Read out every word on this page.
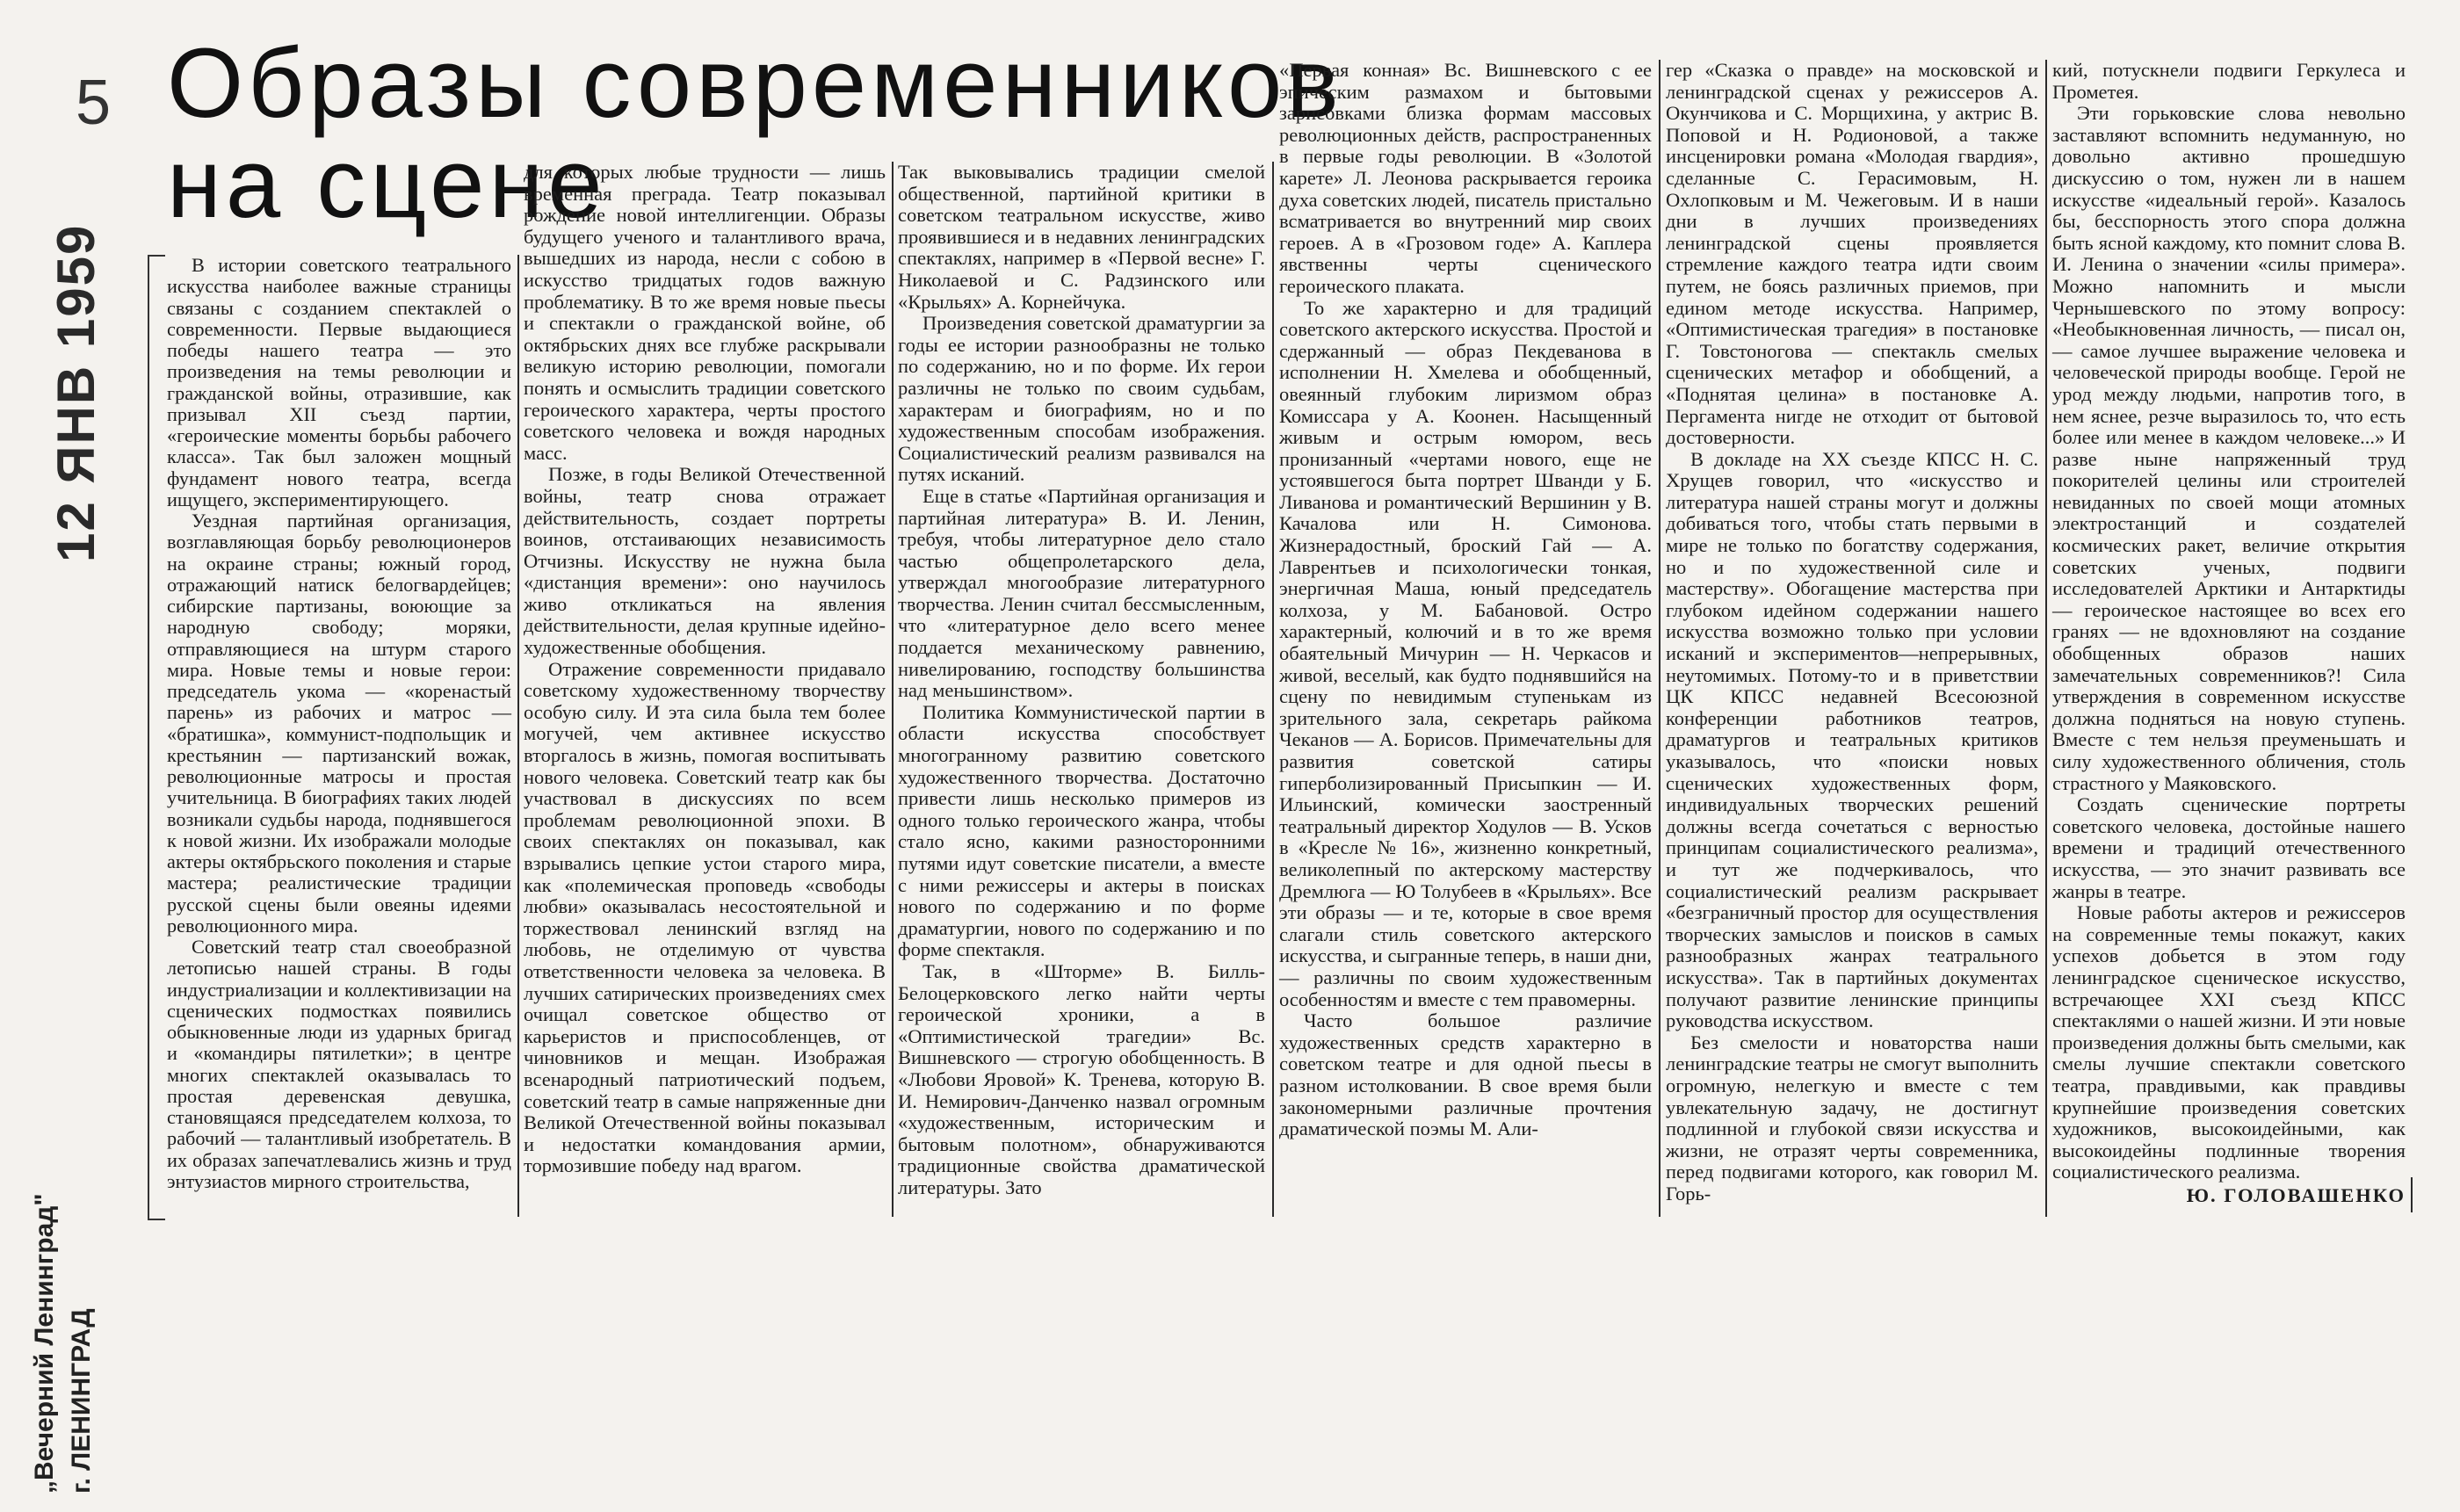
5 Образы современников
на сцене
12 ЯНВ 1959
„Вечерний Ленинград" г. ЛЕНИНГРАД

В истории советского театрального искусства наиболее важные страницы связаны с созданием спектаклей о современности. Первые выдающиеся победы нашего театра — это произведения на темы революции и гражданской войны, отразившие, как призывал XII съезд партии, «героические моменты борьбы рабочего класса». Так был заложен мощный фундамент нового театра, всегда ищущего, экспериментирующего.

Уездная партийная организация, возглавляющая борьбу революционеров на окраине страны; южный город, отражающий натиск белогвардейцев; сибирские партизаны, воюющие за народную свободу; моряки, отправляющиеся на штурм старого мира. Новые темы и новые герои: председатель укома — «коренастый парень» из рабочих и матрос — «братишка», коммунист-подпольщик и крестьянин — партизанский вожак, революционные матросы и простая учительница. В биографиях таких людей возникали судьбы народа, поднявшегося к новой жизни. Их изображали молодые актеры октябрьского поколения и старые мастера; реалистические традиции русской сцены были овеяны идеями революционного мира.

Советский театр стал своеобразной летописью нашей страны. В годы индустриализации и коллективизации на сценических подмостках появились обыкновенные люди из ударных бригад и «командиры пятилетки»; в центре многих спектаклей оказывалась то простая деревенская девушка, становящаяся председателем колхоза, то рабочий — талантливый изобретатель. В их образах запечатлевались жизнь и труд энтузиастов мирного строительства,

для которых любые трудности — лишь временная преграда. Театр показывал рождение новой интеллигенции. Образы будущего ученого и талантливого врача, вышедших из народа, несли с собою в искусство тридцатых годов важную проблематику. В то же время новые пьесы и спектакли о гражданской войне, об октябрьских днях все глубже раскрывали великую историю революции, помогали понять и осмыслить традиции советского героического характера, черты простого советского человека и вождя народных масс.

Позже, в годы Великой Отечественной войны, театр снова отражает действительность, создает портреты воинов, отстаивающих независимость Отчизны. Искусству не нужна была «дистанция времени»: оно научилось живо откликаться на явления действительности, делая крупные идейно-художественные обобщения.

Отражение современности придавало советскому художественному творчеству особую силу. И эта сила была тем более могучей, чем активнее искусство вторгалось в жизнь, помогая воспитывать нового человека. Советский театр как бы участвовал в дискуссиях по всем проблемам революционной эпохи. В своих спектаклях он показывал, как взрывались цепкие устои старого мира, как «полемическая проповедь «свободы любви» оказывалась несостоятельной и торжествовал ленинский взгляд на любовь, не отделимую от чувства ответственности человека за человека. В лучших сатирических произведениях смех очищал советское общество от карьеристов и приспособленцев, от чиновников и мещан. Изображая всенародный патриотический подъем, советский театр в самые напряженные дни Великой Отечественной войны показывал и недостатки командования армии, тормозившие победу над врагом.

Так выковывались традиции смелой общественной, партийной критики в советском театральном искусстве, живо проявившиеся и в недавних ленинградских спектаклях, например в «Первой весне» Г. Николаевой и С. Радзинского или «Крыльях» А. Корнейчука.

Произведения советской драматургии за годы ее истории разнообразны не только по содержанию, но и по форме. Их герои различны не только по своим судьбам, характерам и биографиям, но и по художественным способам изображения. Социалистический реализм развивался на путях исканий.

Еще в статье «Партийная организация и партийная литература» В. И. Ленин, требуя, чтобы литературное дело стало частью общепролетарского дела, утверждал многообразие литературного творчества. Ленин считал бессмысленным, что «литературное дело всего менее поддается механическому равнению, нивелированию, господству большинства над меньшинством».

Политика Коммунистической партии в области искусства способствует многогранному развитию советского художественного творчества. Достаточно привести лишь несколько примеров из одного только героического жанра, чтобы стало ясно, какими разносторонними путями идут советские писатели, а вместе с ними режиссеры и актеры в поисках нового по содержанию и по форме драматургии, нового по содержанию и по форме спектакля.

Так, в «Шторме» В. Билль-Белоцерковского легко найти черты героической хроники, а в «Оптимистической трагедии» Вс. Вишневского — строгую обобщенность. В «Любови Яровой» К. Тренева, которую В. И. Немирович-Данченко назвал огромным «художественным, историческим и бытовым полотном», обнаруживаются традиционные свойства драматической литературы. Зато

«Первая конная» Вс. Вишневского с ее эпическим размахом и бытовыми зарисовками близка формам массовых революционных действ, распространенных в первые годы революции. В «Золотой карете» Л. Леонова раскрывается героика духа советских людей, писатель пристально всматривается во внутренний мир своих героев. А в «Грозовом годе» А. Каплера явственны черты сценического героического плаката.

То же характерно и для традиций советского актерского искусства. Простой и сдержанный — образ Пекдеванова в исполнении Н. Хмелева и обобщенный, овеянный глубоким лиризмом образ Комиссара у А. Коонен. Насыщенный живым и острым юмором, весь пронизанный «чертами нового, еще не устоявшегося быта портрет Шванди у Б. Ливанова и романтический Вершинин у В. Качалова или Н. Симонова. Жизнерадостный, броский Гай — А. Лаврентьев и психологически тонкая, энергичная Маша, юный председатель колхоза, у М. Бабановой. Остро характерный, колючий и в то же время обаятельный Мичурин — Н. Черкасов и живой, веселый, как будто поднявшийся на сцену по невидимым ступенькам из зрительного зала, секретарь райкома Чеканов — А. Борисов. Примечательны для развития советской сатиры гиперболизированный Присыпкин — И. Ильинский, комически заостренный театральный директор Ходулов — В. Усков в «Кресле № 16», жизненно конкретный, великолепный по актерскому мастерству Дремлюга — Ю Толубеев в «Крыльях». Все эти образы — и те, которые в свое время слагали стиль советского актерского искусства, и сыгранные теперь, в наши дни, — различны по своим художественным особенностям и вместе с тем правомерны.

Часто большое различие художественных средств характерно в советском театре и для одной пьесы в разном истолковании. В свое время были закономерными различные прочтения драматической поэмы М. Али-

гер «Сказка о правде» на московской и ленинградской сценах у режиссеров А. Окунчикова и С. Морщихина, у актрис В. Поповой и Н. Родионовой, а также инсценировки романа «Молодая гвардия», сделанные С. Герасимовым, Н. Охлопковым и М. Чежеговым. И в наши дни в лучших произведениях ленинградской сцены проявляется стремление каждого театра идти своим путем, не боясь различных приемов, при едином методе искусства. Например, «Оптимистическая трагедия» в постановке Г. Товстоногова — спектакль смелых сценических метафор и обобщений, а «Поднятая целина» в постановке А. Пергамента нигде не отходит от бытовой достоверности.

В докладе на XX съезде КПСС Н. С. Хрущев говорил, что «искусство и литература нашей страны могут и должны добиваться того, чтобы стать первыми в мире не только по богатству содержания, но и по художественной силе и мастерству». Обогащение мастерства при глубоком идейном содержании нашего искусства возможно только при условии исканий и экспериментов—непрерывных, неутомимых. Потому-то и в приветствии ЦК КПСС недавней Всесоюзной конференции работников театров, драматургов и театральных критиков указывалось, что «поиски новых сценических художественных форм, индивидуальных творческих решений должны всегда сочетаться с верностью принципам социалистического реализма», и тут же подчеркивалось, что социалистический реализм раскрывает «безграничный простор для осуществления творческих замыслов и поисков в самых разнообразных жанрах театрального искусства». Так в партийных документах получают развитие ленинские принципы руководства искусством.

Без смелости и новаторства наши ленинградские театры не смогут выполнить огромную, нелегкую и вместе с тем увлекательную задачу, не достигнут подлинной и глубокой связи искусства и жизни, не отразят черты современника, перед подвигами которого, как говорил М. Горь-

кий, потускнели подвиги Геркулеса и Прометея.

Эти горьковские слова невольно заставляют вспомнить недуманную, но довольно активно прошедшую дискуссию о том, нужен ли в нашем искусстве «идеальный герой». Казалось бы, бесспорность этого спора должна быть ясной каждому, кто помнит слова В. И. Ленина о значении «силы примера». Можно напомнить и мысли Чернышевского по этому вопросу: «Необыкновенная личность, — писал он, — самое лучшее выражение человека и человеческой природы вообще. Герой не урод между людьми, напротив того, в нем яснее, резче выразилось то, что есть более или менее в каждом человеке...» И разве ныне напряженный труд покорителей целины или строителей невиданных по своей мощи атомных электростанций и создателей космических ракет, величие открытия советских ученых, подвиги исследователей Арктики и Антарктиды — героическое настоящее во всех его гранях — не вдохновляют на создание обобщенных образов наших замечательных современников?! Сила утверждения в современном искусстве должна подняться на новую ступень. Вместе с тем нельзя преуменьшать и силу художественного обличения, столь страстного у Маяковского.

Создать сценические портреты советского человека, достойные нашего времени и традиций отечественного искусства, — это значит развивать все жанры в театре.

Новые работы актеров и режиссеров на современные темы покажут, каких успехов добьется в этом году ленинградское сценическое искусство, встречающее XXI съезд КПСС спектаклями о нашей жизни. И эти новые произведения должны быть смелыми, как смелы лучшие спектакли советского театра, правдивыми, как правдивы крупнейшие произведения советских художников, высокоидейными, как высокоидейны подлинные творения социалистического реализма.

Ю. ГОЛОВАШЕНКО
